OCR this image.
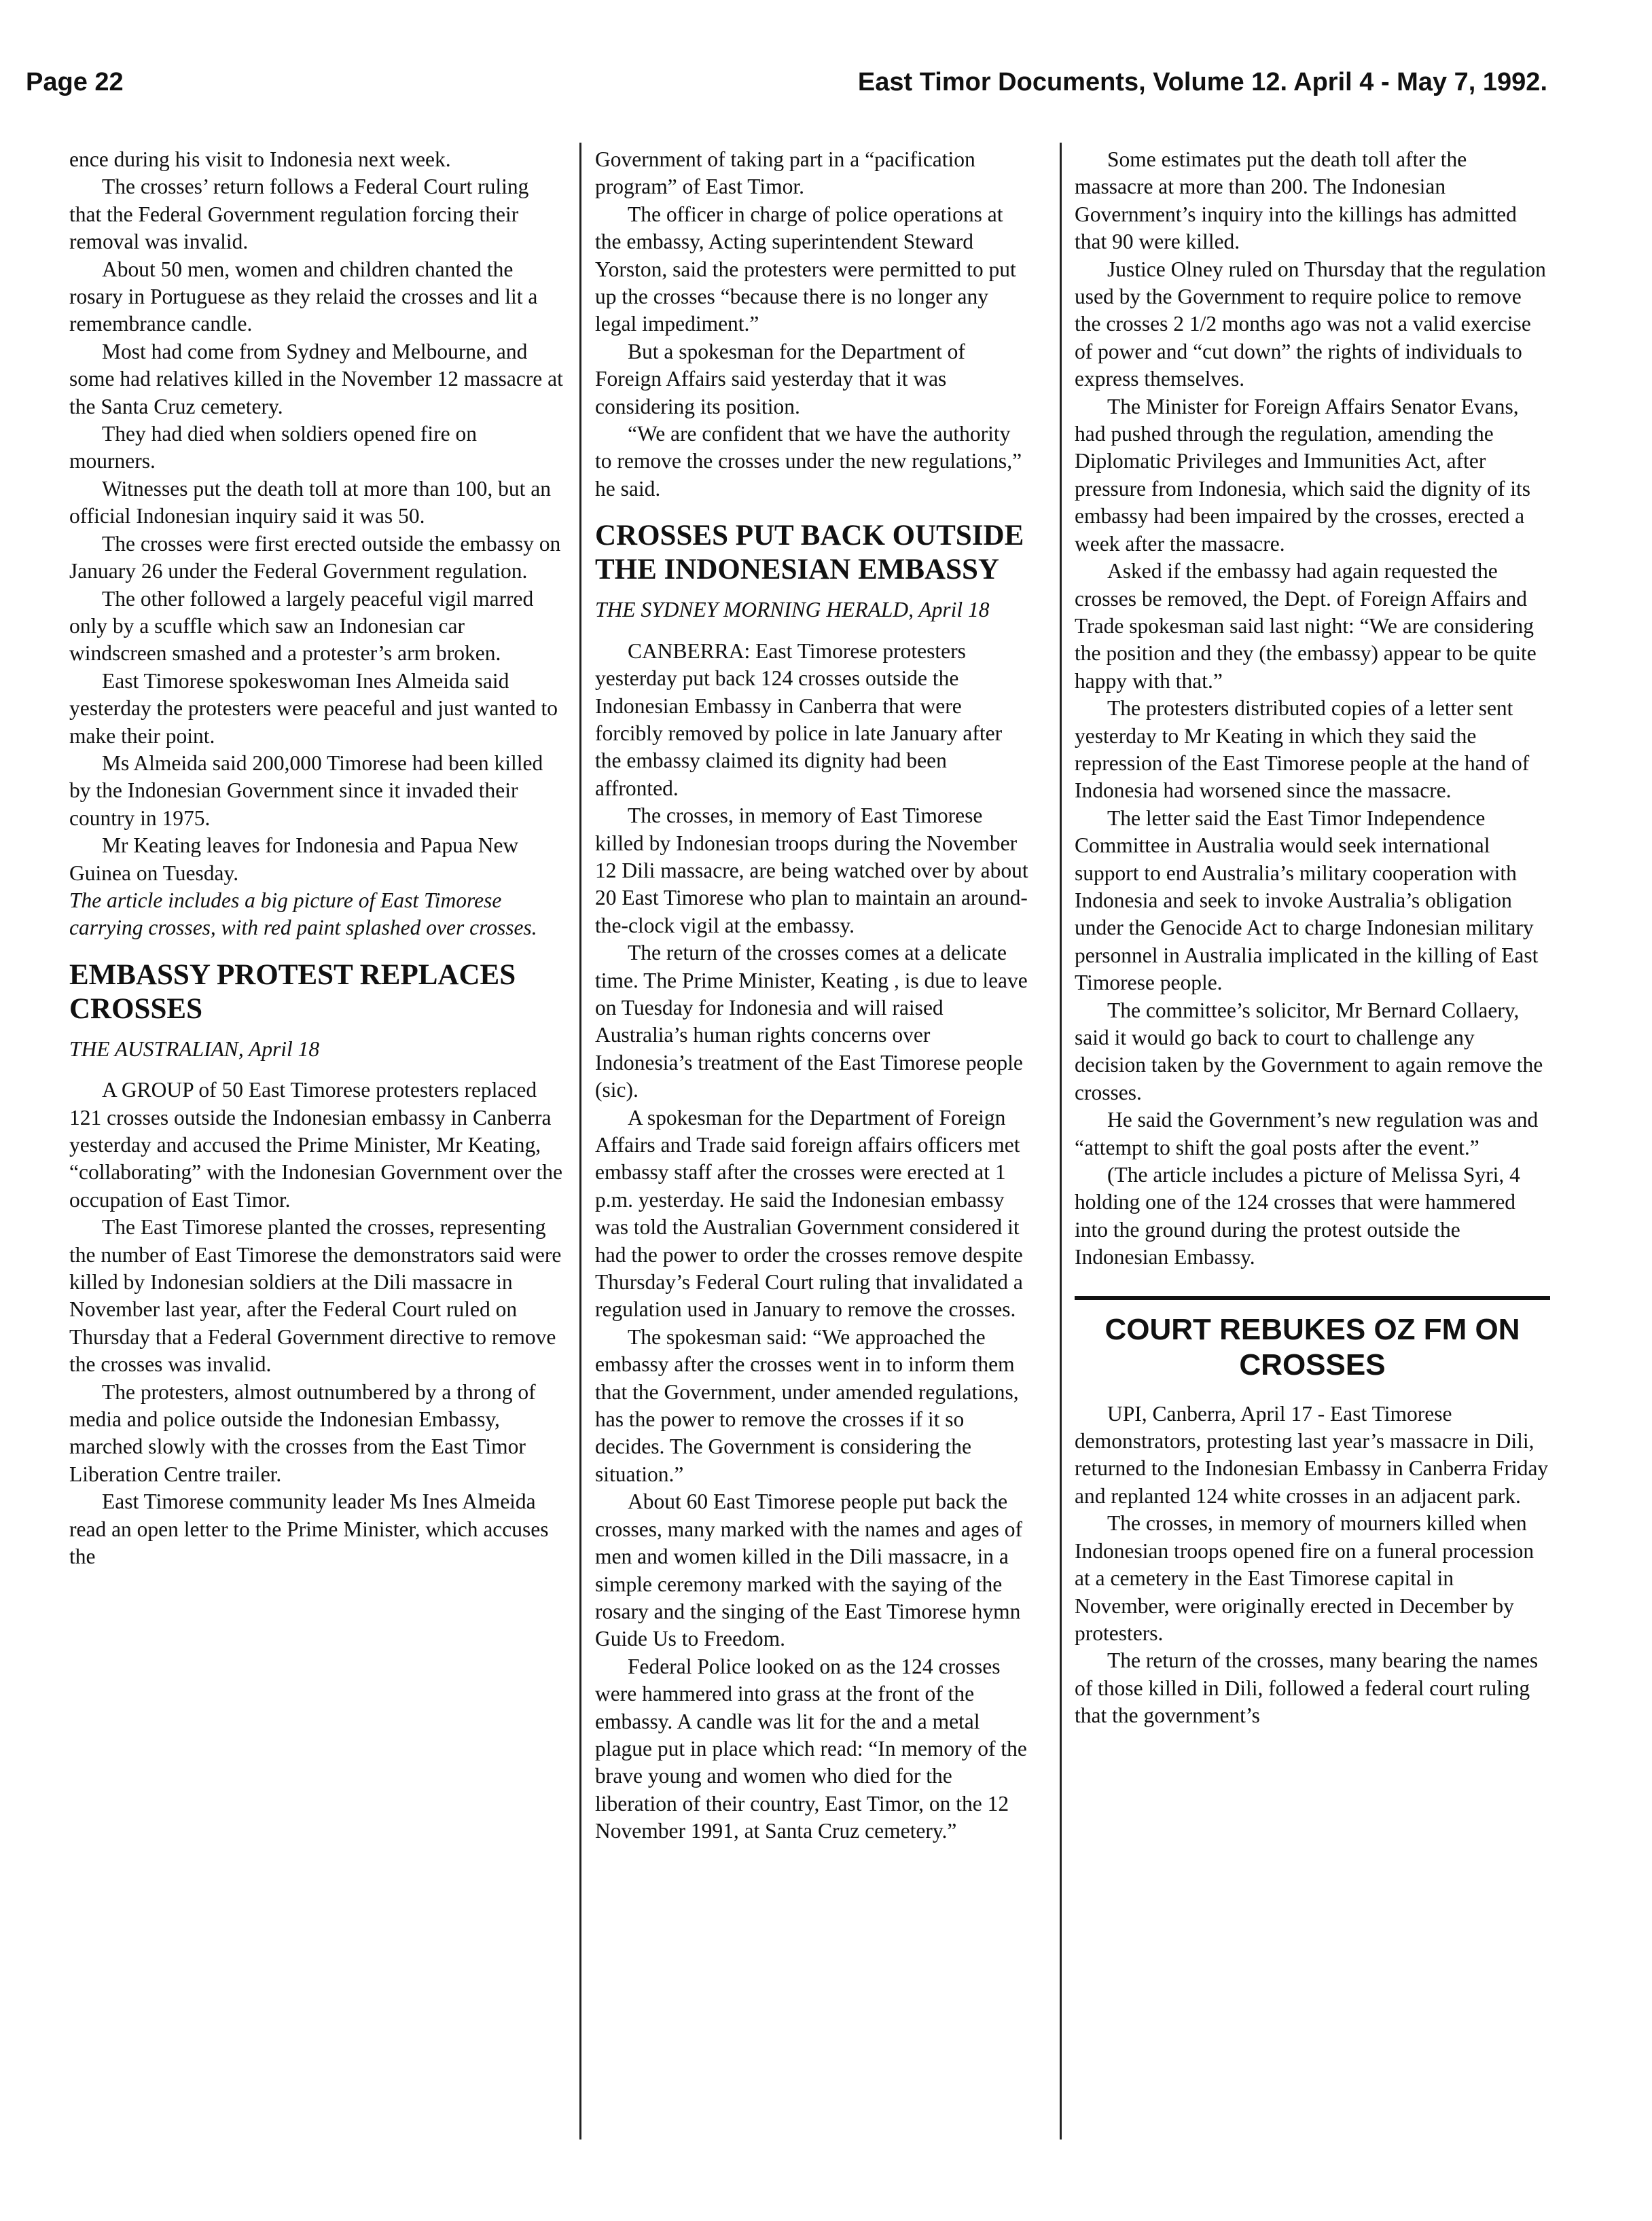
Page 22	East Timor Documents, Volume 12. April 4 - May 7, 1992.

ence during his visit to Indonesia next week.

The crosses’ return follows a Federal Court ruling that the Federal Government regulation forcing their removal was invalid.

About 50 men, women and children chanted the rosary in Portuguese as they relaid the crosses and lit a remembrance candle.

Most had come from Sydney and Melbourne, and some had relatives killed in the November 12 massacre at the Santa Cruz cemetery.

They had died when soldiers opened fire on mourners.

Witnesses put the death toll at more than 100, but an official Indonesian inquiry said it was 50.

The crosses were first erected outside the embassy on January 26 under the Federal Government regulation.

The other followed a largely peaceful vigil marred only by a scuffle which saw an Indonesian car windscreen smashed and a protester’s arm broken.

East Timorese spokeswoman Ines Almeida said yesterday the protesters were peaceful and just wanted to make their point.

Ms Almeida said 200,000 Timorese had been killed by the Indonesian Government since it invaded their country in 1975.

Mr Keating leaves for Indonesia and Papua New Guinea on Tuesday.

The article includes a big picture of East Timorese carrying crosses, with red paint splashed over crosses.

EMBASSY PROTEST REPLACES CROSSES
THE AUSTRALIAN, April 18

A GROUP of 50 East Timorese protesters replaced 121 crosses outside the Indonesian embassy in Canberra yesterday and accused the Prime Minister, Mr Keating, “collaborating” with the Indonesian Government over the occupation of East Timor.

The East Timorese planted the crosses, representing the number of East Timorese the demonstrators said were killed by Indonesian soldiers at the Dili massacre in November last year, after the Federal Court ruled on Thursday that a Federal Government directive to remove the crosses was invalid.

The protesters, almost outnumbered by a throng of media and police outside the Indonesian Embassy, marched slowly with the crosses from the East Timor Liberation Centre trailer.

East Timorese community leader Ms Ines Almeida read an open letter to the Prime Minister, which accuses the

Government of taking part in a “pacification program” of East Timor.

The officer in charge of police operations at the embassy, Acting superintendent Steward Yorston, said the protesters were permitted to put up the crosses “because there is no longer any legal impediment.”

But a spokesman for the Department of Foreign Affairs said yesterday that it was considering its position.

“We are confident that we have the authority to remove the crosses under the new regulations,” he said.

CROSSES PUT BACK OUTSIDE THE INDONESIAN EMBASSY
THE SYDNEY MORNING HERALD, April 18

CANBERRA: East Timorese protesters yesterday put back 124 crosses outside the Indonesian Embassy in Canberra that were forcibly removed by police in late January after the embassy claimed its dignity had been affronted.

The crosses, in memory of East Timorese killed by Indonesian troops during the November 12 Dili massacre, are being watched over by about 20 East Timorese who plan to maintain an around-the-clock vigil at the embassy.

The return of the crosses comes at a delicate time. The Prime Minister, Keating , is due to leave on Tuesday for Indonesia and will raised Australia’s human rights concerns over Indonesia’s treatment of the East Timorese people (sic).

A spokesman for the Department of Foreign Affairs and Trade said foreign affairs officers met embassy staff after the crosses were erected at 1 p.m. yesterday. He said the Indonesian embassy was told the Australian Government considered it had the power to order the crosses remove despite Thursday’s Federal Court ruling that invalidated a regulation used in January to remove the crosses.

The spokesman said: “We approached the embassy after the crosses went in to inform them that the Government, under amended regulations, has the power to remove the crosses if it so decides. The Government is considering the situation.”

About 60 East Timorese people put back the crosses, many marked with the names and ages of men and women killed in the Dili massacre, in a simple ceremony marked with the saying of the rosary and the singing of the East Timorese hymn Guide Us to Freedom.

Federal Police looked on as the 124 crosses were hammered into grass at the front of the embassy. A candle was lit for the and a metal plague put in place which read: “In memory of the brave young and women who died for the liberation of their country, East Timor, on the 12 November 1991, at Santa Cruz cemetery.”

Some estimates put the death toll after the massacre at more than 200. The Indonesian Government’s inquiry into the killings has admitted that 90 were killed.

Justice Olney ruled on Thursday that the regulation used by the Government to require police to remove the crosses 2 1/2 months ago was not a valid exercise of power and “cut down” the rights of individuals to express themselves.

The Minister for Foreign Affairs Senator Evans, had pushed through the regulation, amending the Diplomatic Privileges and Immunities Act, after pressure from Indonesia, which said the dignity of its embassy had been impaired by the crosses, erected a week after the massacre.

Asked if the embassy had again requested the crosses be removed, the Dept. of Foreign Affairs and Trade spokesman said last night: “We are considering the position and they (the embassy) appear to be quite happy with that.”

The protesters distributed copies of a letter sent yesterday to Mr Keating in which they said the repression of the East Timorese people at the hand of Indonesia had worsened since the massacre.

The letter said the East Timor Independence Committee in Australia would seek international support to end Australia’s military cooperation with Indonesia and seek to invoke Australia’s obligation under the Genocide Act to charge Indonesian military personnel in Australia implicated in the killing of East Timorese people.

The committee’s solicitor, Mr Bernard Collaery, said it would go back to court to challenge any decision taken by the Government to again remove the crosses.

He said the Government’s new regulation was and “attempt to shift the goal posts after the event.”

(The article includes a picture of Melissa Syri, 4 holding one of the 124 crosses that were hammered into the ground during the protest outside the Indonesian Embassy.

COURT REBUKES OZ FM ON CROSSES

UPI, Canberra, April 17 - East Timorese demonstrators, protesting last year’s massacre in Dili, returned to the Indonesian Embassy in Canberra Friday and replanted 124 white crosses in an adjacent park.

The crosses, in memory of mourners killed when Indonesian troops opened fire on a funeral procession at a cemetery in the East Timorese capital in November, were originally erected in December by protesters.

The return of the crosses, many bearing the names of those killed in Dili, followed a federal court ruling that the government’s
